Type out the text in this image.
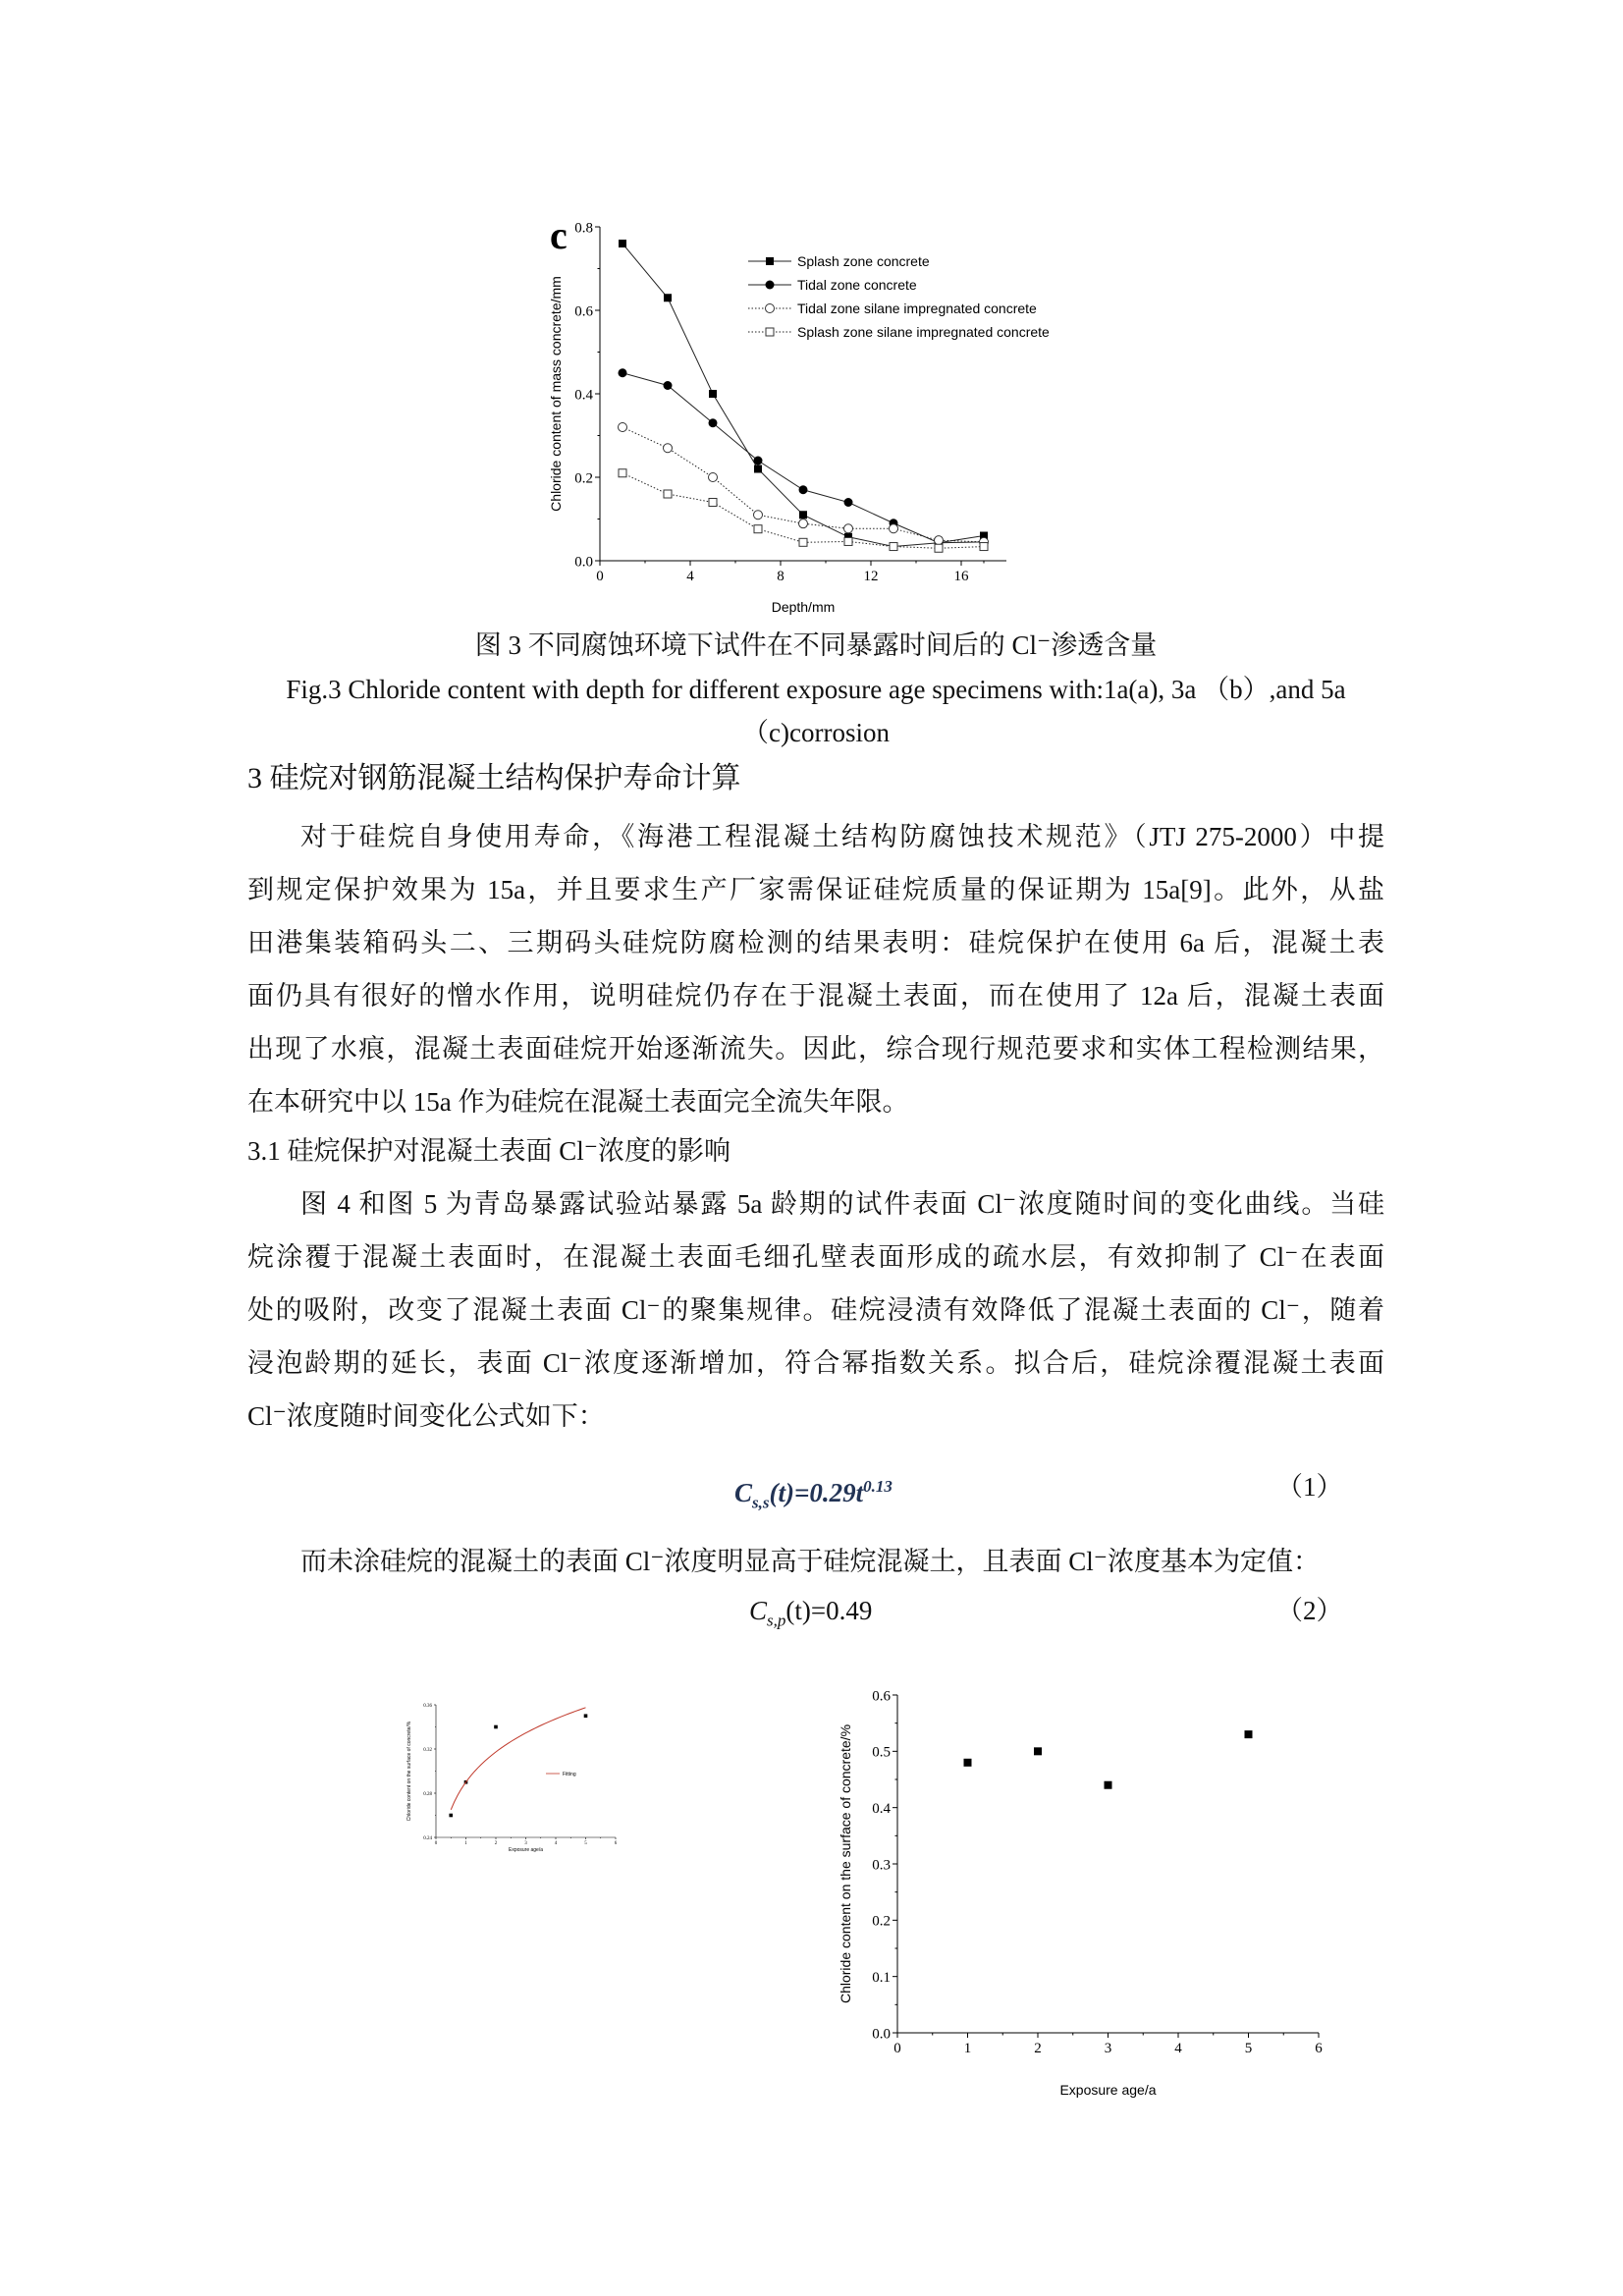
0	4	8	12	16
0.0
0.2
0.4
0.6
0.8
Depth/mm
Chloride content of mass concrete/mm
c
Splash zone concrete
Tidal zone concrete
Tidal zone silane impregnated concrete
Splash zone silane impregnated concrete
图 3 不同腐蚀环境下试件在不同暴露时间后的 Cl⁻渗透含量
Fig.3 Chloride content with depth for different exposure age specimens with:1a(a), 3a （b）,and 5a
（c)corrosion
3 硅烷对钢筋混凝土结构保护寿命计算
对于硅烷自身使用寿命，《海港工程混凝土结构防腐蚀技术规范》（JTJ 275-2000）中提
到规定保护效果为 15a，并且要求生产厂家需保证硅烷质量的保证期为 15a[9]。此外，从盐
田港集装箱码头二、三期码头硅烷防腐检测的结果表明：硅烷保护在使用 6a 后，混凝土表
面仍具有很好的憎水作用，说明硅烷仍存在于混凝土表面，而在使用了 12a 后，混凝土表面
出现了水痕，混凝土表面硅烷开始逐渐流失。因此，综合现行规范要求和实体工程检测结果，
在本研究中以 15a 作为硅烷在混凝土表面完全流失年限。
3.1 硅烷保护对混凝土表面 Cl⁻浓度的影响
图 4 和图 5 为青岛暴露试验站暴露 5a 龄期的试件表面 Cl⁻浓度随时间的变化曲线。当硅
烷涂覆于混凝土表面时，在混凝土表面毛细孔壁表面形成的疏水层，有效抑制了 Cl⁻在表面
处的吸附，改变了混凝土表面 Cl⁻的聚集规律。硅烷浸渍有效降低了混凝土表面的 Cl⁻，随着
浸泡龄期的延长，表面 Cl⁻浓度逐渐增加，符合幂指数关系。拟合后，硅烷涂覆混凝土表面
Cl⁻浓度随时间变化公式如下：
$C_{s,s}(t)=0.29t^{0.13}$	（1）
而未涂硅烷的混凝土的表面 Cl⁻浓度明显高于硅烷混凝土，且表面 Cl⁻浓度基本为定值：
$C_{s,p}(t)=0.49$	（2）
0	1	2	3	4	5	6
0.24
0.28
0.32
0.36
Exposure age/a
Chloride content on the surface of concrete/%	Fitting
0	1	2	3	4	5	6
0.0
0.1
0.2
0.3
0.4
0.5
0.6
Exposure age/a
Chloride content on the surface of concrete/%
